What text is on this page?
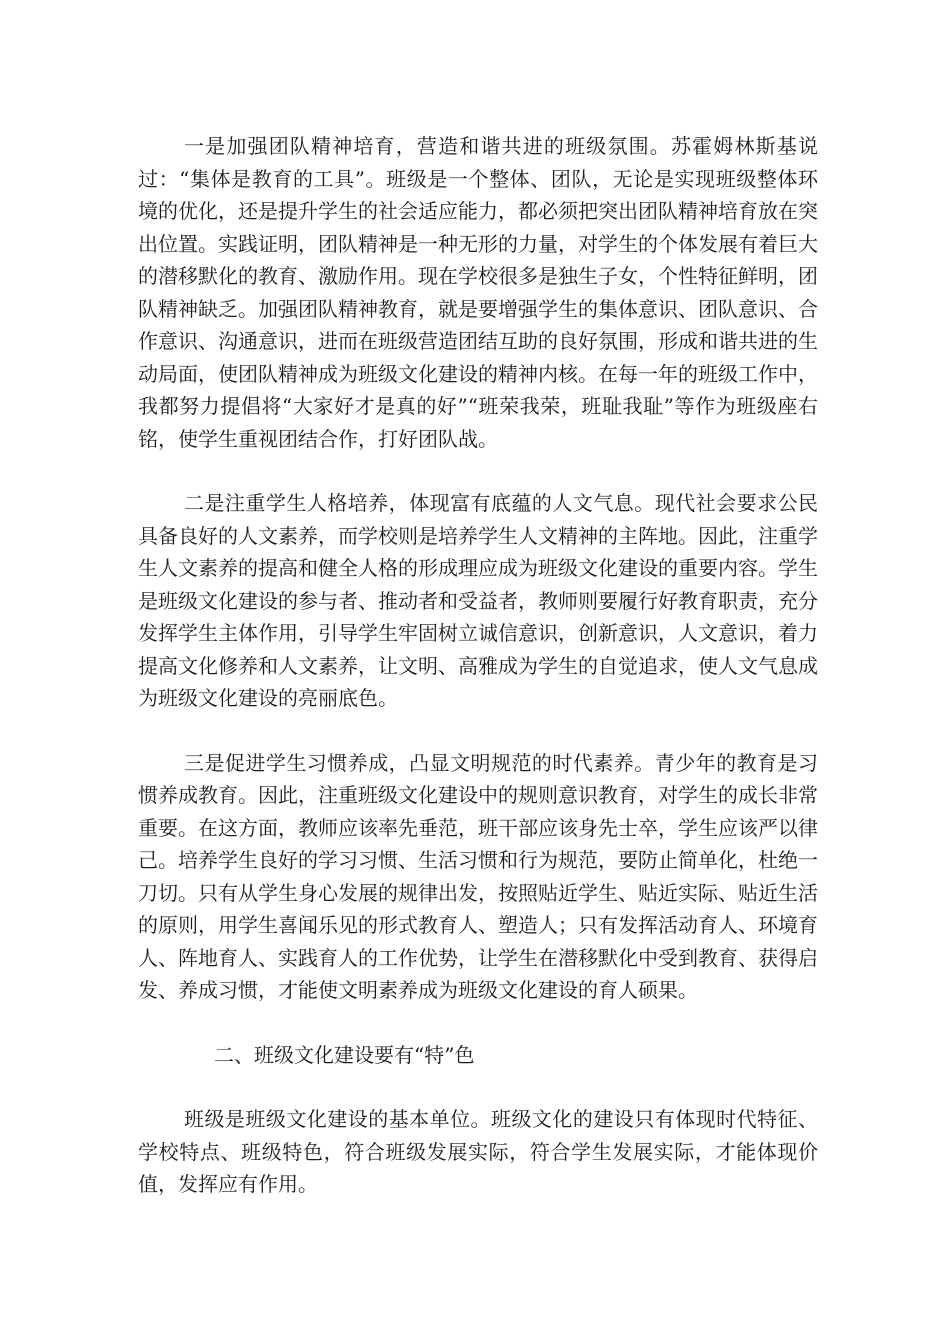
一是加强团队精神培育，营造和谐共进的班级氛围。苏霍姆林斯基说过：“集体是教育的工具”。班级是一个整体、团队，无论是实现班级整体环境的优化，还是提升学生的社会适应能力，都必须把突出团队精神培育放在突出位置。实践证明，团队精神是一种无形的力量，对学生的个体发展有着巨大的潜移默化的教育、激励作用。现在学校很多是独生子女，个性特征鲜明，团队精神缺乏。加强团队精神教育，就是要增强学生的集体意识、团队意识、合作意识、沟通意识，进而在班级营造团结互助的良好氛围，形成和谐共进的生动局面，使团队精神成为班级文化建设的精神内核。在每一年的班级工作中，我都努力提倡将“大家好才是真的好”“班荣我荣，班耻我耻”等作为班级座右铭，使学生重视团结合作，打好团队战。

二是注重学生人格培养，体现富有底蕴的人文气息。现代社会要求公民具备良好的人文素养，而学校则是培养学生人文精神的主阵地。因此，注重学生人文素养的提高和健全人格的形成理应成为班级文化建设的重要内容。学生是班级文化建设的参与者、推动者和受益者，教师则要履行好教育职责，充分发挥学生主体作用，引导学生牢固树立诚信意识，创新意识，人文意识，着力提高文化修养和人文素养，让文明、高雅成为学生的自觉追求，使人文气息成为班级文化建设的亮丽底色。

三是促进学生习惯养成，凸显文明规范的时代素养。青少年的教育是习惯养成教育。因此，注重班级文化建设中的规则意识教育，对学生的成长非常重要。在这方面，教师应该率先垂范，班干部应该身先士卒，学生应该严以律己。培养学生良好的学习习惯、生活习惯和行为规范，要防止简单化，杜绝一刀切。只有从学生身心发展的规律出发，按照贴近学生、贴近实际、贴近生活的原则，用学生喜闻乐见的形式教育人、塑造人；只有发挥活动育人、环境育人、阵地育人、实践育人的工作优势，让学生在潜移默化中受到教育、获得启发、养成习惯，才能使文明素养成为班级文化建设的育人硕果。

二、班级文化建设要有“特”色

班级是班级文化建设的基本单位。班级文化的建设只有体现时代特征、学校特点、班级特色，符合班级发展实际，符合学生发展实际，才能体现价值，发挥应有作用。
